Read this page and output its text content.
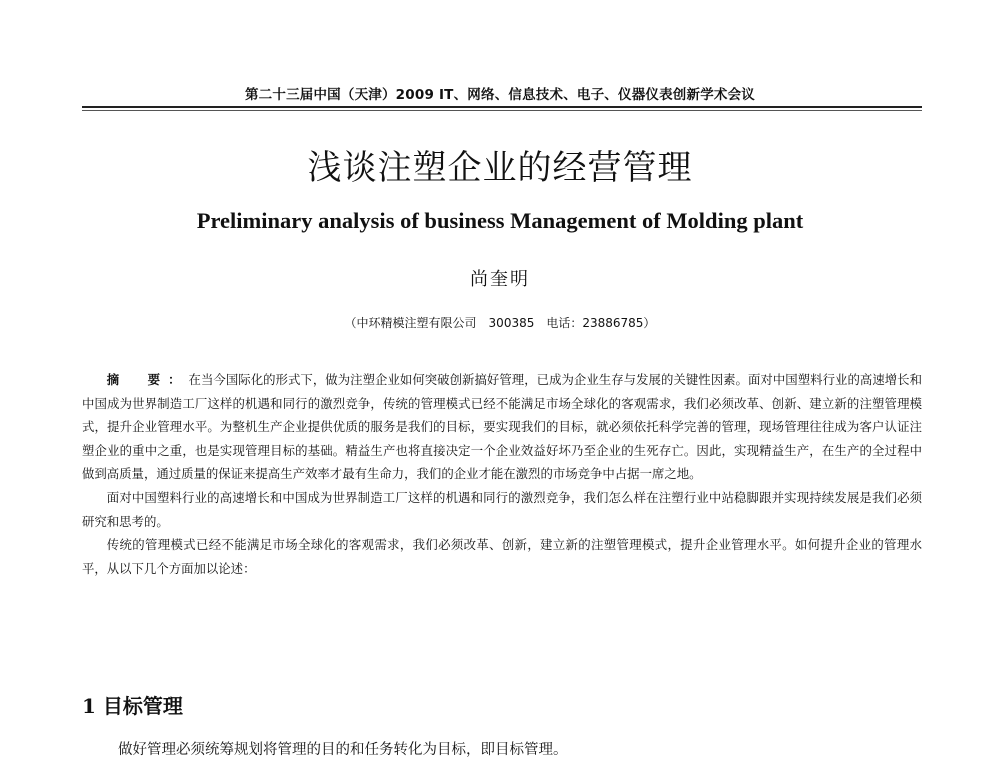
第二十三届中国（天津）2009 IT、网络、信息技术、电子、仪器仪表创新学术会议
浅谈注塑企业的经营管理
Preliminary analysis of business Management of Molding plant
尚奎明
（中环精模注塑有限公司　300385　电话：23886785）

摘　要：在当今国际化的形式下，做为注塑企业如何突破创新搞好管理，已成为企业生存与发展的关键性因素。面对中国塑料行业的高速增长和中国成为世界制造工厂这样的机遇和同行的激烈竞争，传统的管理模式已经不能满足市场全球化的客观需求，我们必须改革、创新、建立新的注塑管理模式，提升企业管理水平。为整机生产企业提供优质的服务是我们的目标，要实现我们的目标，就必须依托科学完善的管理，现场管理往往成为客户认证注塑企业的重中之重，也是实现管理目标的基础。精益生产也将直接决定一个企业效益好坏乃至企业的生死存亡。因此，实现精益生产，在生产的全过程中做到高质量，通过质量的保证来提高生产效率才最有生命力，我们的企业才能在激烈的市场竞争中占据一席之地。

面对中国塑料行业的高速增长和中国成为世界制造工厂这样的机遇和同行的激烈竞争，我们怎么样在注塑行业中站稳脚跟并实现持续发展是我们必须研究和思考的。

传统的管理模式已经不能满足市场全球化的客观需求，我们必须改革、创新，建立新的注塑管理模式，提升企业管理水平。如何提升企业的管理水平，从以下几个方面加以论述：

1 目标管理
做好管理必须统筹规划将管理的目的和任务转化为目标，即目标管理。
